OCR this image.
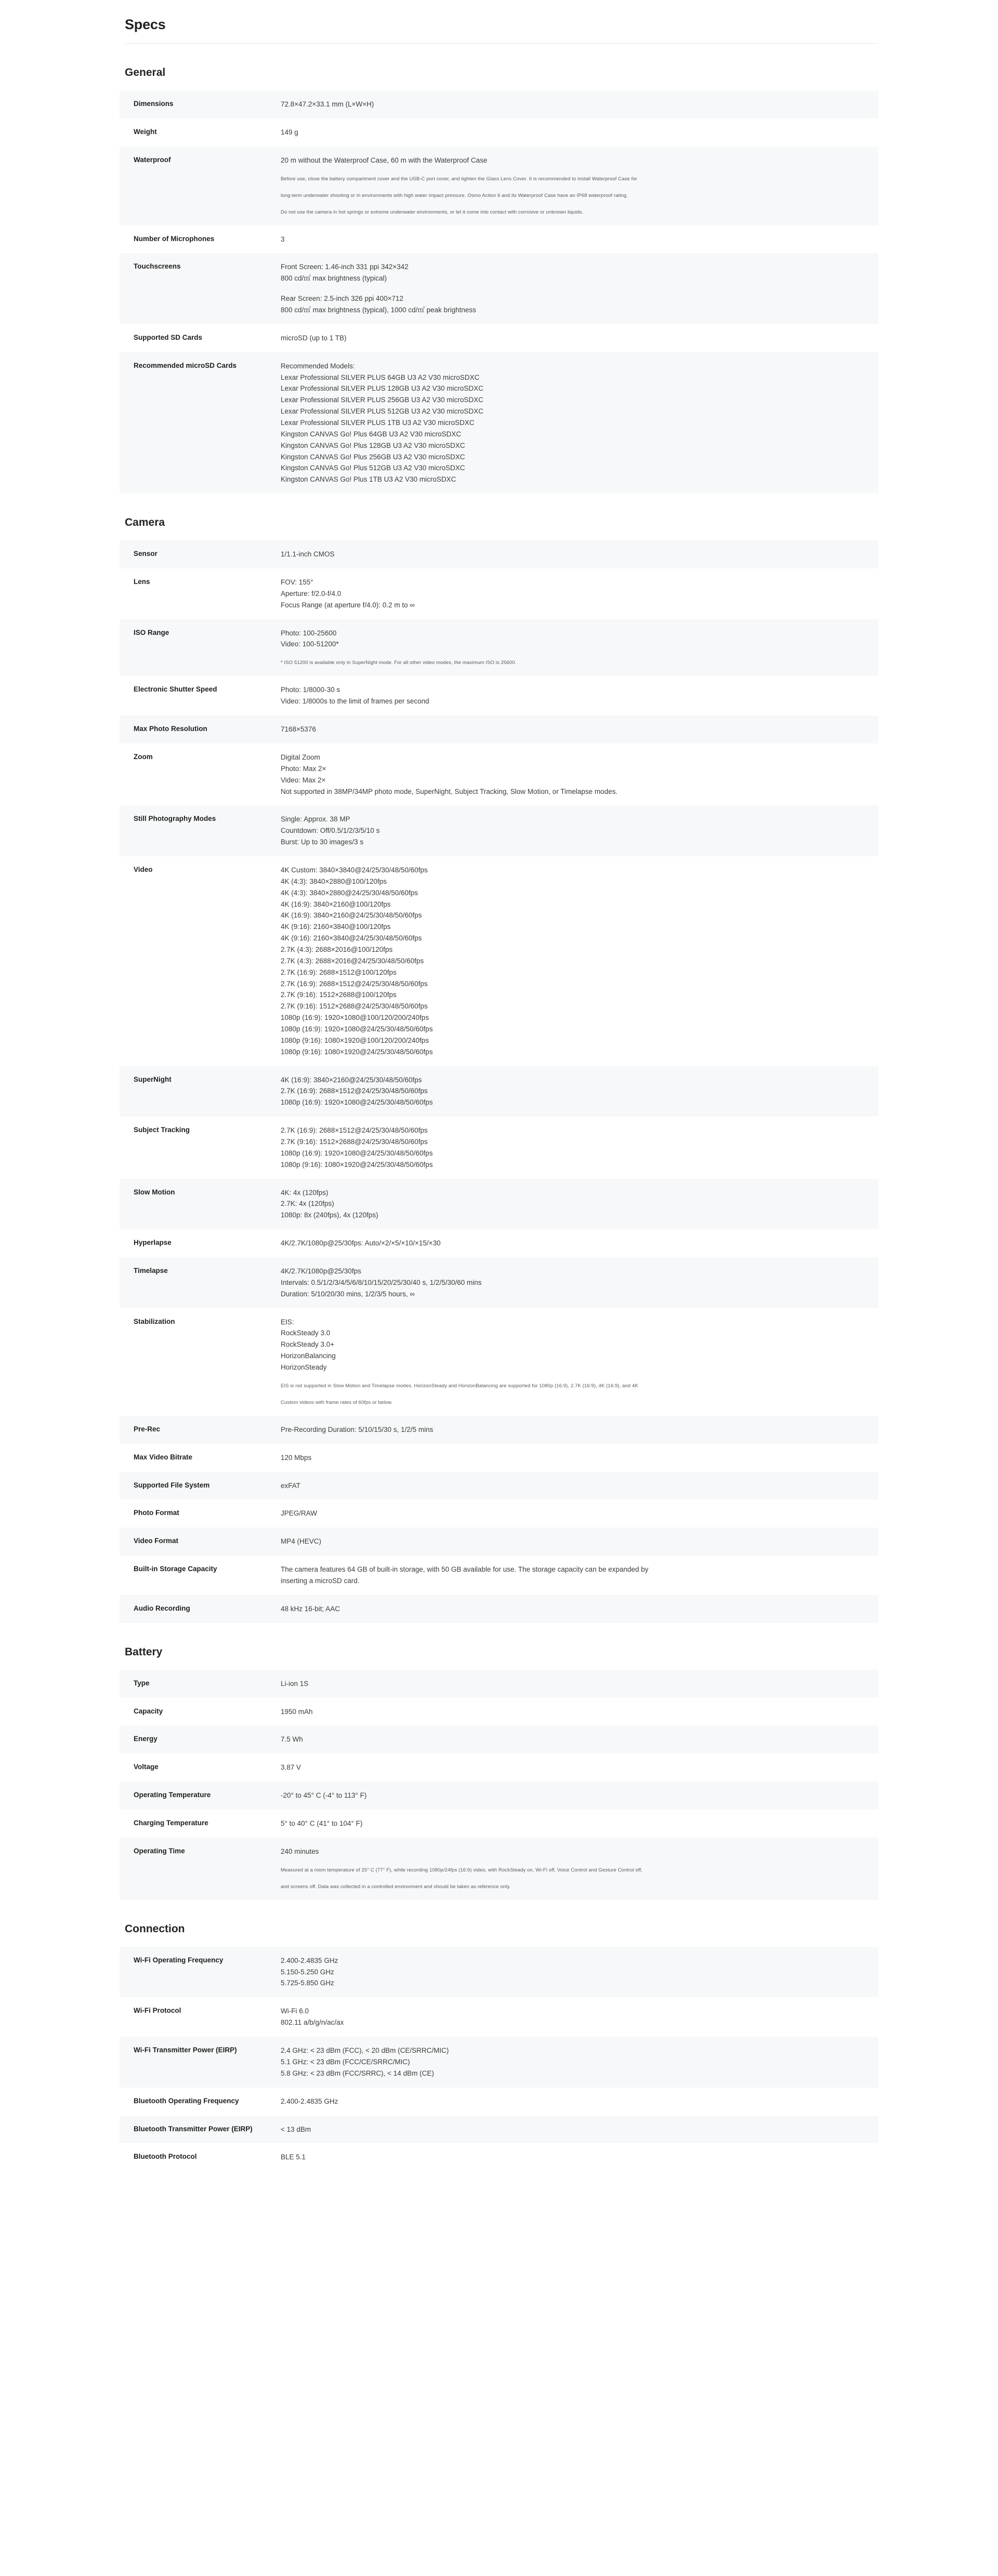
Specs
General
Dimensions	72.8×47.2×33.1 mm (L×W×H)

Weight	149 g

Waterproof	20 m without the Waterproof Case, 60 m with the Waterproof Case
Before use, close the battery compartment cover and the USB-C port cover, and tighten the Glass Lens Cover. It is recommended to install Waterproof Case for
long-term underwater shooting or in environments with high water impact pressure. Osmo Action 6 and its Waterproof Case have an IP68 waterproof rating.
Do not use the camera in hot springs or extreme underwater environments, or let it come into contact with corrosive or unknown liquids.

Number of Microphones	3

Touchscreens	Front Screen: 1.46-inch 331 ppi 342×342
800 cd/㎡ max brightness (typical)
Rear Screen: 2.5-inch 326 ppi 400×712
800 cd/㎡ max brightness (typical), 1000 cd/㎡ peak brightness

Supported SD Cards	microSD (up to 1 TB)

Recommended microSD Cards	Recommended Models:
Lexar Professional SILVER PLUS 64GB U3 A2 V30 microSDXC
Lexar Professional SILVER PLUS 128GB U3 A2 V30 microSDXC
Lexar Professional SILVER PLUS 256GB U3 A2 V30 microSDXC
Lexar Professional SILVER PLUS 512GB U3 A2 V30 microSDXC
Lexar Professional SILVER PLUS 1TB U3 A2 V30 microSDXC
Kingston CANVAS Go! Plus 64GB U3 A2 V30 microSDXC
Kingston CANVAS Go! Plus 128GB U3 A2 V30 microSDXC
Kingston CANVAS Go! Plus 256GB U3 A2 V30 microSDXC
Kingston CANVAS Go! Plus 512GB U3 A2 V30 microSDXC
Kingston CANVAS Go! Plus 1TB U3 A2 V30 microSDXC
Camera
Sensor	1/1.1-inch CMOS

Lens	FOV: 155°
Aperture: f/2.0-f/4.0
Focus Range (at aperture f/4.0): 0.2 m to ∞

ISO Range	Photo: 100-25600
Video: 100-51200*
* ISO 51200 is available only in SuperNight mode. For all other video modes, the maximum ISO is 25600.

Electronic Shutter Speed	Photo: 1/8000-30 s
Video: 1/8000s to the limit of frames per second

Max Photo Resolution	7168×5376

Zoom	Digital Zoom
Photo: Max 2×
Video: Max 2×
Not supported in 38MP/34MP photo mode, SuperNight, Subject Tracking, Slow Motion, or Timelapse modes.

Still Photography Modes	Single: Approx. 38 MP
Countdown: Off/0.5/1/2/3/5/10 s
Burst: Up to 30 images/3 s

Video	4K Custom: 3840×3840@24/25/30/48/50/60fps
4K (4:3): 3840×2880@100/120fps
4K (4:3): 3840×2880@24/25/30/48/50/60fps
4K (16:9): 3840×2160@100/120fps
4K (16:9): 3840×2160@24/25/30/48/50/60fps
4K (9:16): 2160×3840@100/120fps
4K (9:16): 2160×3840@24/25/30/48/50/60fps
2.7K (4:3): 2688×2016@100/120fps
2.7K (4:3): 2688×2016@24/25/30/48/50/60fps
2.7K (16:9): 2688×1512@100/120fps
2.7K (16:9): 2688×1512@24/25/30/48/50/60fps
2.7K (9:16): 1512×2688@100/120fps
2.7K (9:16): 1512×2688@24/25/30/48/50/60fps
1080p (16:9): 1920×1080@100/120/200/240fps
1080p (16:9): 1920×1080@24/25/30/48/50/60fps
1080p (9:16): 1080×1920@100/120/200/240fps
1080p (9:16): 1080×1920@24/25/30/48/50/60fps

SuperNight	4K (16:9): 3840×2160@24/25/30/48/50/60fps
2.7K (16:9): 2688×1512@24/25/30/48/50/60fps
1080p (16:9): 1920×1080@24/25/30/48/50/60fps

Subject Tracking	2.7K (16:9): 2688×1512@24/25/30/48/50/60fps
2.7K (9:16): 1512×2688@24/25/30/48/50/60fps
1080p (16:9): 1920×1080@24/25/30/48/50/60fps
1080p (9:16): 1080×1920@24/25/30/48/50/60fps

Slow Motion	4K: 4x (120fps)
2.7K: 4x (120fps)
1080p: 8x (240fps), 4x (120fps)

Hyperlapse	4K/2.7K/1080p@25/30fps: Auto/×2/×5/×10/×15/×30

Timelapse	4K/2.7K/1080p@25/30fps
Intervals: 0.5/1/2/3/4/5/6/8/10/15/20/25/30/40 s, 1/2/5/30/60 mins
Duration: 5/10/20/30 mins, 1/2/3/5 hours, ∞

Stabilization	EIS:
RockSteady 3.0
RockSteady 3.0+
HorizonBalancing
HorizonSteady
EIS is not supported in Slow Motion and Timelapse modes. HorizonSteady and HorizonBalancing are supported for 1080p (16:9), 2.7K (16:9), 4K (16:9), and 4K
Custom videos with frame rates of 60fps or below.

Pre-Rec	Pre-Recording Duration: 5/10/15/30 s, 1/2/5 mins

Max Video Bitrate	120 Mbps

Supported File System	exFAT

Photo Format	JPEG/RAW

Video Format	MP4 (HEVC)

Built-in Storage Capacity	The camera features 64 GB of built-in storage, with 50 GB available for use. The storage capacity can be expanded by
inserting a microSD card.

Audio Recording	48 kHz 16-bit; AAC
Battery
Type	Li-ion 1S

Capacity	1950 mAh

Energy	7.5 Wh

Voltage	3.87 V

Operating Temperature	-20° to 45° C (-4° to 113° F)

Charging Temperature	5° to 40° C (41° to 104° F)

Operating Time	240 minutes
Measured at a room temperature of 25° C (77° F), while recording 1080p/24fps (16:9) video, with RockSteady on, Wi-Fi off, Voice Control and Gesture Control off,
and screens off. Data was collected in a controlled environment and should be taken as reference only.
Connection
Wi-Fi Operating Frequency	2.400-2.4835 GHz
5.150-5.250 GHz
5.725-5.850 GHz

Wi-Fi Protocol	Wi-Fi 6.0
802.11 a/b/g/n/ac/ax

Wi-Fi Transmitter Power (EIRP)	2.4 GHz: < 23 dBm (FCC), < 20 dBm (CE/SRRC/MIC)
5.1 GHz: < 23 dBm (FCC/CE/SRRC/MIC)
5.8 GHz: < 23 dBm (FCC/SRRC), < 14 dBm (CE)

Bluetooth Operating Frequency	2.400-2.4835 GHz

Bluetooth Transmitter Power (EIRP)	< 13 dBm

Bluetooth Protocol	BLE 5.1
